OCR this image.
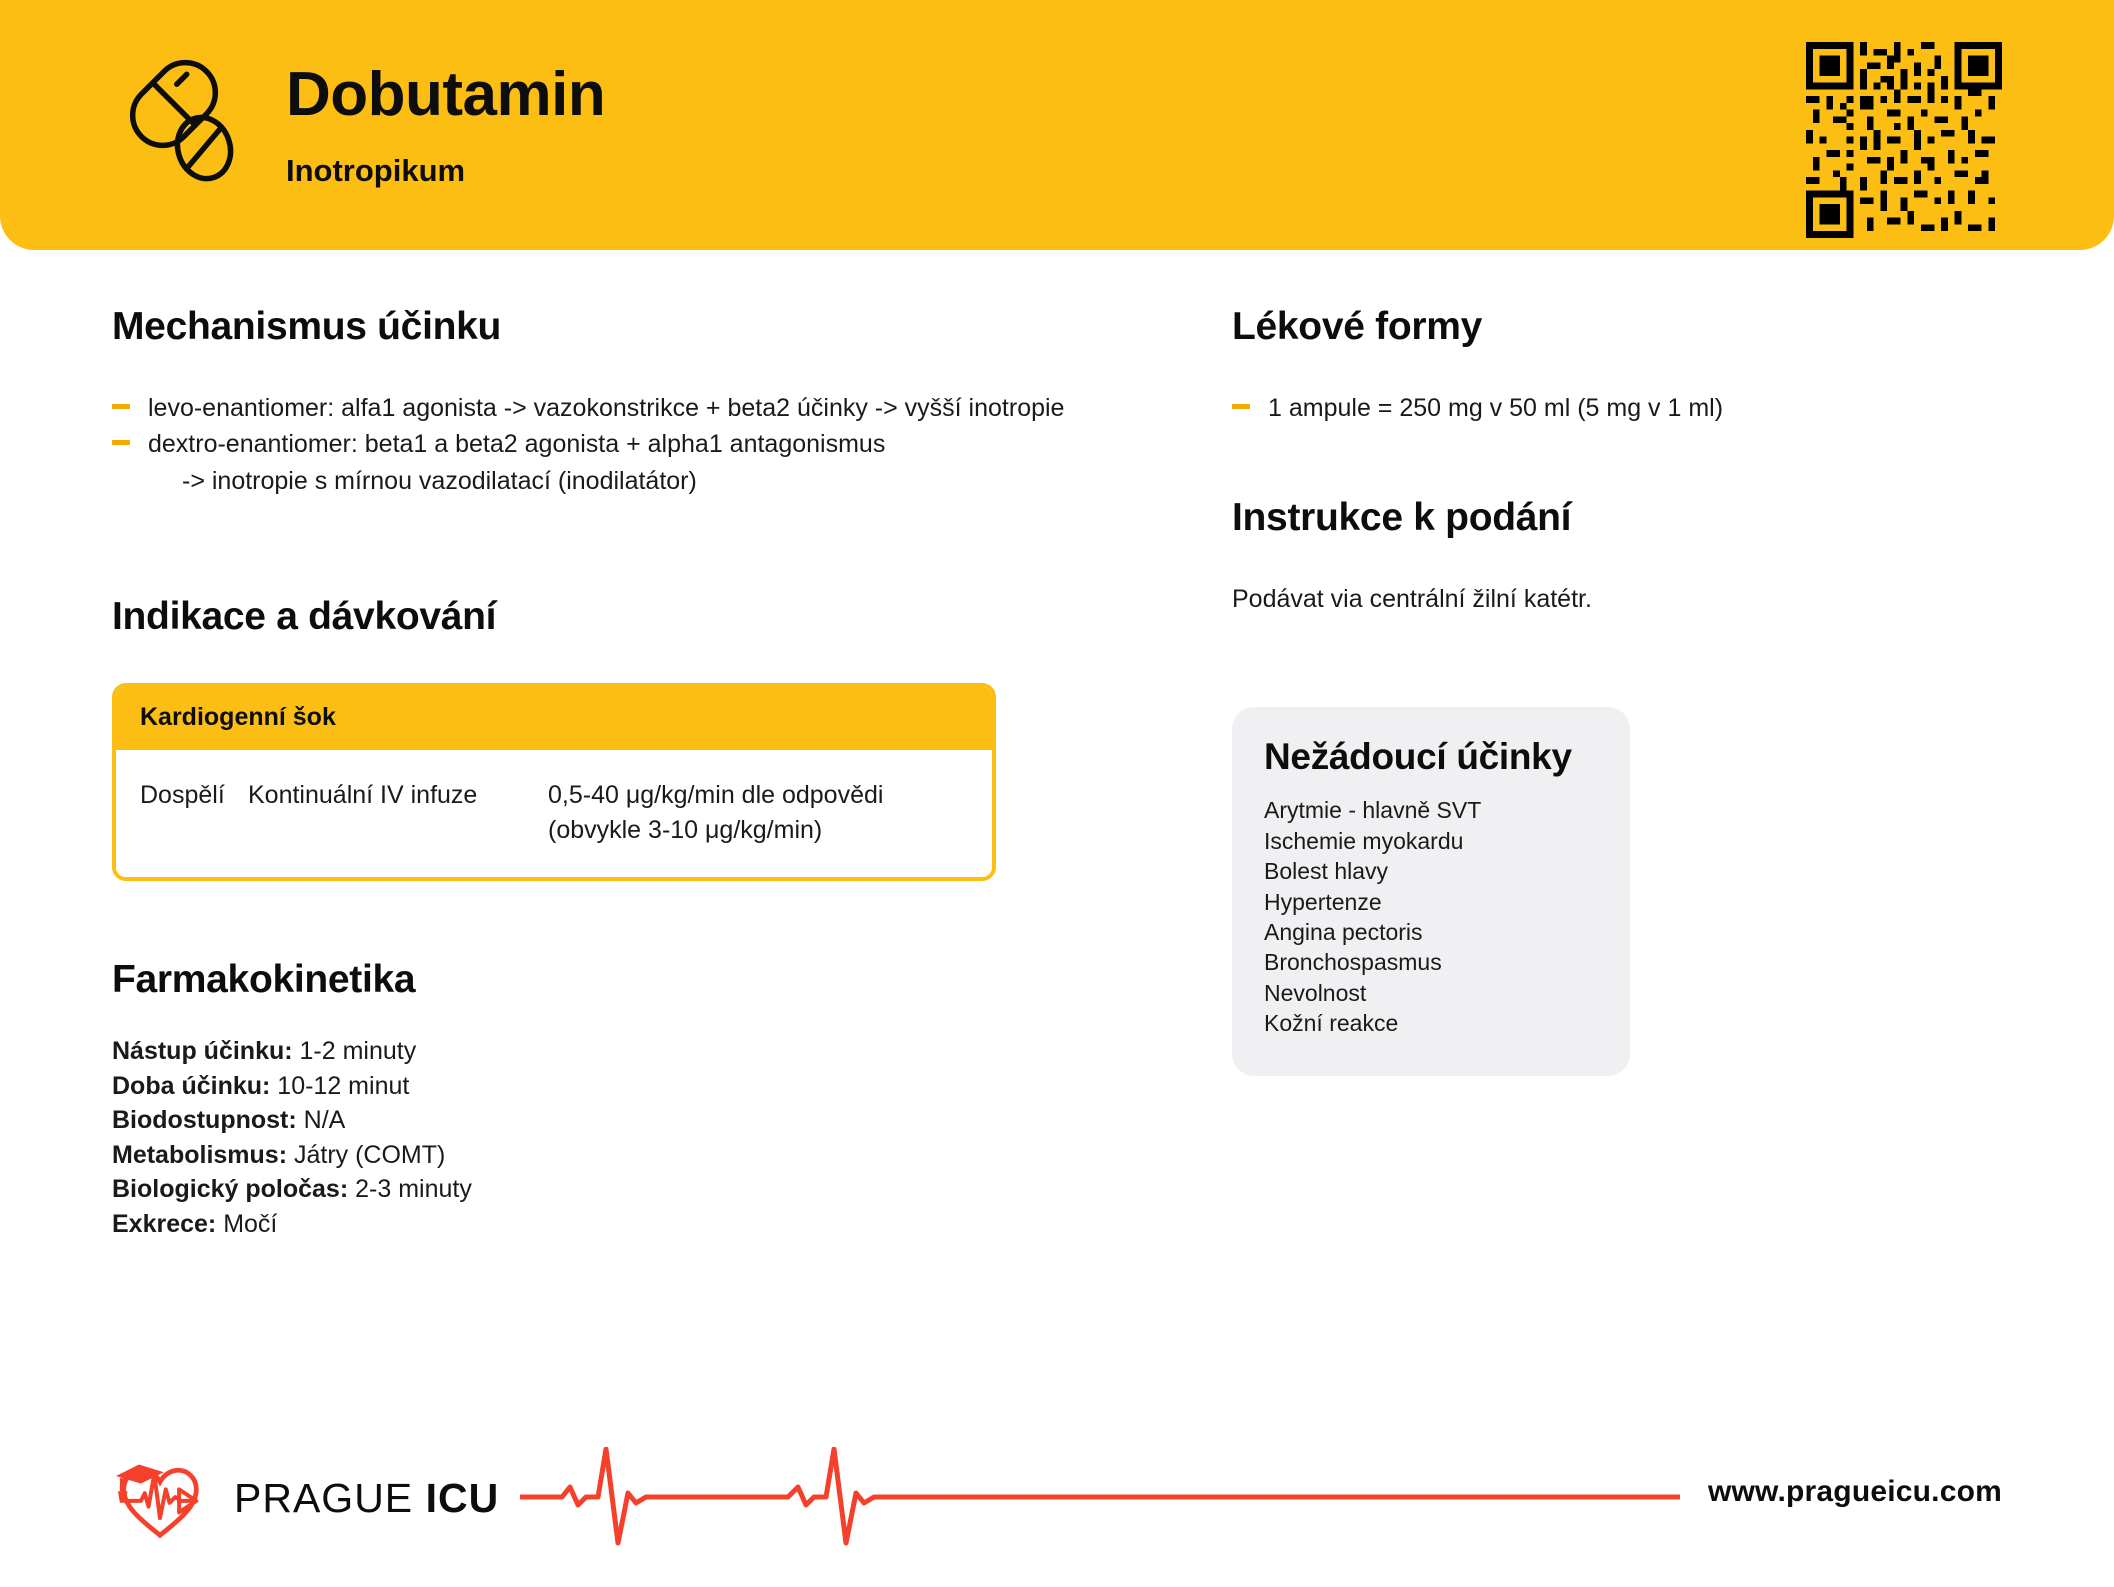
Dobutamin
Inotropikum
Mechanismus účinku
levo-enantiomer: alfa1 agonista -> vazokonstrikce + beta2 účinky -> vyšší inotropie
dextro-enantiomer: beta1 a beta2 agonista + alpha1 antagonismus

-> inotropie s mírnou vazodilatací (inodilatátor)

Indikace a dávkování
Kardiogenní šok
Dospělí Kontinuální IV infuze	0,5-40 μg/kg/min dle odpovědi
(obvykle 3-10 μg/kg/min)
Farmakokinetika
Nástup účinku: 1-2 minuty
Doba účinku: 10-12 minut
Biodostupnost: N/A
Metabolismus: Játry (COMT)
Biologický poločas: 2-3 minuty
Exkrece: Močí
Lékové formy
1 ampule = 250 mg v 50 ml (5 mg v 1 ml)
Instrukce k podání

Podávat via centrální žilní katétr.

Nežádoucí účinky
Arytmie - hlavně SVT
Ischemie myokardu
Bolest hlavy
Hypertenze
Angina pectoris
Bronchospasmus
Nevolnost
Kožní reakce
PRAGUE ICU	www.pragueicu.com
